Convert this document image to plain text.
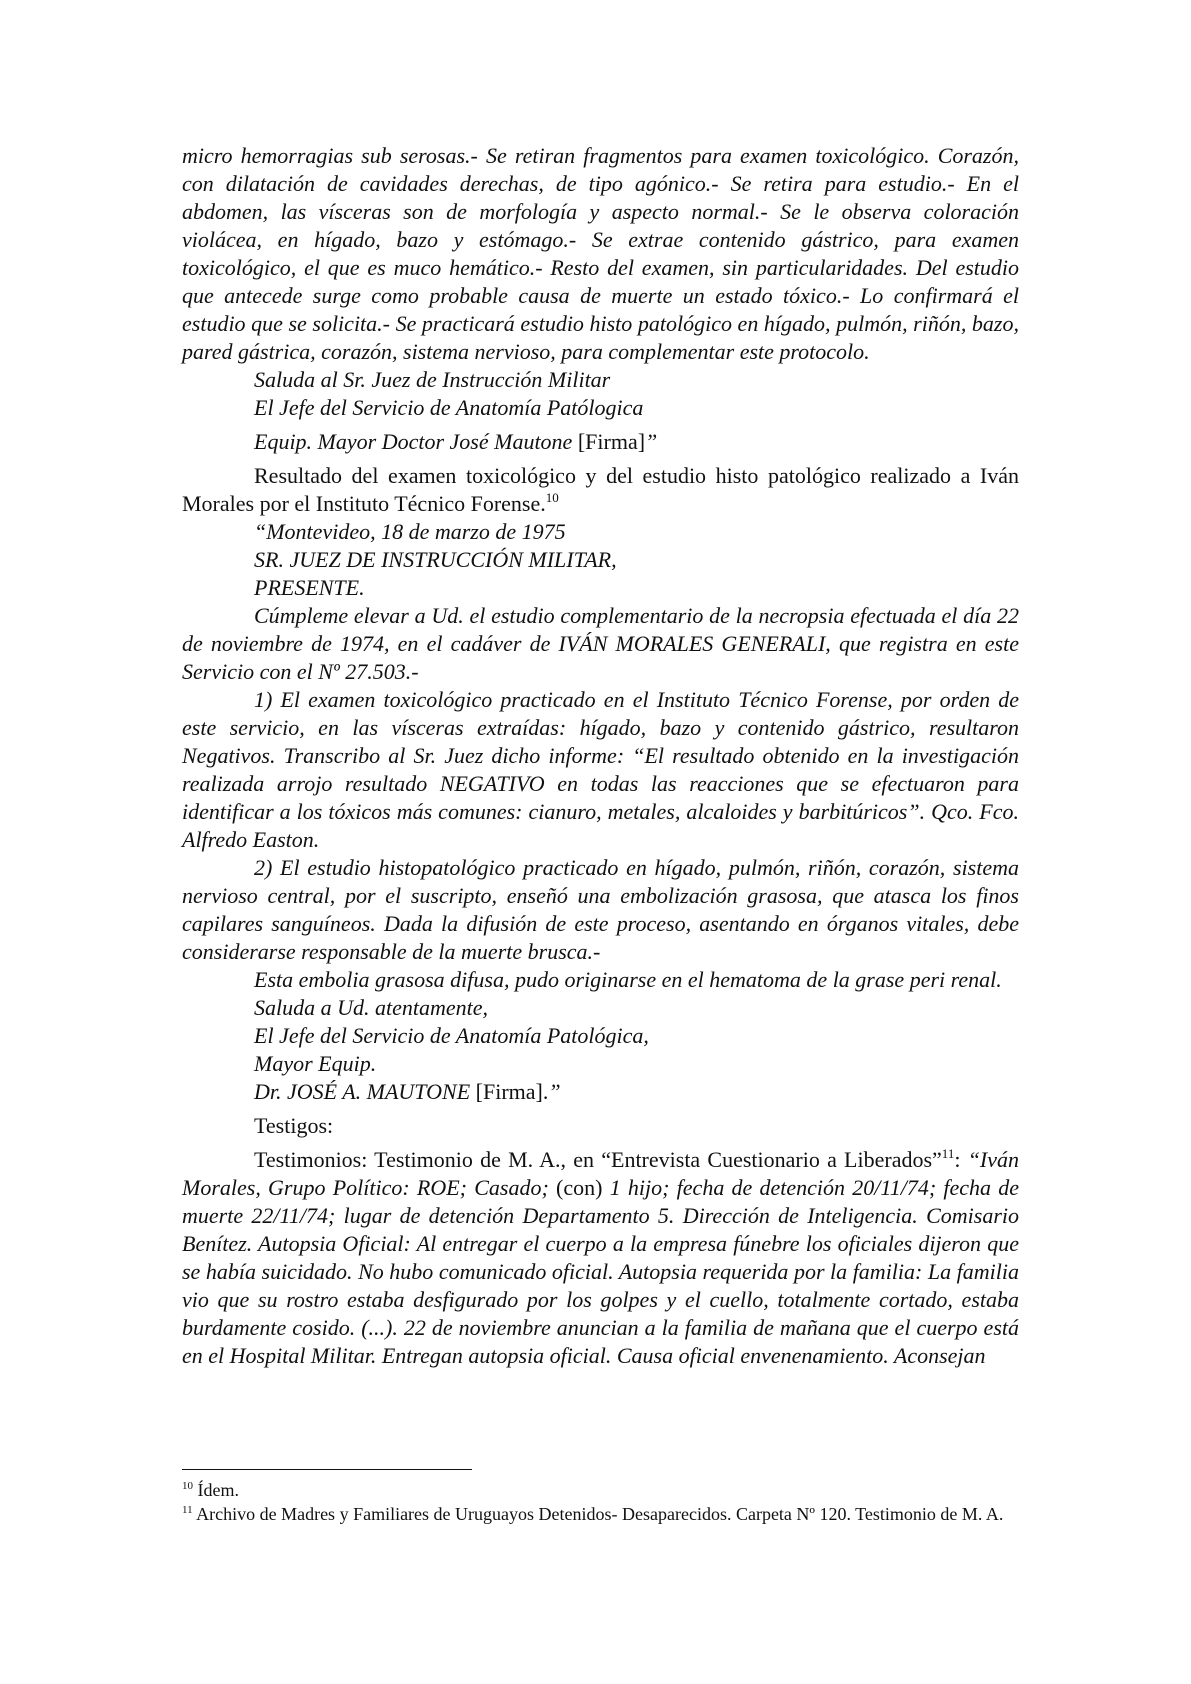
micro hemorragias sub serosas.- Se retiran fragmentos para examen toxicológico. Corazón, con dilatación de cavidades derechas, de tipo agónico.- Se retira para estudio.- En el abdomen, las vísceras son de morfología y aspecto normal.- Se le observa coloración violácea, en hígado, bazo y estómago.- Se extrae contenido gástrico, para examen toxicológico, el que es muco hemático.- Resto del examen, sin particularidades. Del estudio que antecede surge como probable causa de muerte un estado tóxico.- Lo confirmará el estudio que se solicita.- Se practicará estudio histo patológico en hígado, pulmón, riñón, bazo, pared gástrica, corazón, sistema nervioso, para complementar este protocolo.

Saluda al Sr. Juez de Instrucción Militar

El Jefe del Servicio de Anatomía Patólogica

Equip. Mayor Doctor José Mautone [Firma]”

Resultado del examen toxicológico y del estudio histo patológico realizado a Iván Morales por el Instituto Técnico Forense.$^{10}$

“Montevideo, 18 de marzo de 1975

SR. JUEZ DE INSTRUCCIÓN MILITAR,

PRESENTE.

Cúmpleme elevar a Ud. el estudio complementario de la necropsia efectuada el día 22 de noviembre de 1974, en el cadáver de IVÁN MORALES GENERALI, que registra en este Servicio con el Nº 27.503.-

1) El examen toxicológico practicado en el Instituto Técnico Forense, por orden de este servicio, en las vísceras extraídas: hígado, bazo y contenido gástrico, resultaron Negativos. Transcribo al Sr. Juez dicho informe: “El resultado obtenido en la investigación realizada arrojo resultado NEGATIVO en todas las reacciones que se efectuaron para identificar a los tóxicos más comunes: cianuro, metales, alcaloides y barbitúricos”. Qco. Fco. Alfredo Easton.

2) El estudio histopatológico practicado en hígado, pulmón, riñón, corazón, sistema nervioso central, por el suscripto, enseñó una embolización grasosa, que atasca los finos capilares sanguíneos. Dada la difusión de este proceso, asentando en órganos vitales, debe considerarse responsable de la muerte brusca.-

Esta embolia grasosa difusa, pudo originarse en el hematoma de la grase peri renal.

Saluda a Ud. atentamente,

El Jefe del Servicio de Anatomía Patológica,

Mayor Equip.

Dr. JOSÉ A. MAUTONE [Firma].”

Testigos:

Testimonios: Testimonio de M. A., en “Entrevista Cuestionario a Liberados”$^{11}$: “Iván Morales, Grupo Político: ROE; Casado; (con) 1 hijo; fecha de detención 20/11/74; fecha de muerte 22/11/74; lugar de detención Departamento 5. Dirección de Inteligencia. Comisario Benítez. Autopsia Oficial: Al entregar el cuerpo a la empresa fúnebre los oficiales dijeron que se había suicidado. No hubo comunicado oficial. Autopsia requerida por la familia: La familia vio que su rostro estaba desfigurado por los golpes y el cuello, totalmente cortado, estaba burdamente cosido. (...). 22 de noviembre anuncian a la familia de mañana que el cuerpo está en el Hospital Militar. Entregan autopsia oficial. Causa oficial envenenamiento. Aconsejan

$^{10}$ Ídem.

$^{11}$ Archivo de Madres y Familiares de Uruguayos Detenidos- Desaparecidos. Carpeta Nº 120. Testimonio de M. A.
